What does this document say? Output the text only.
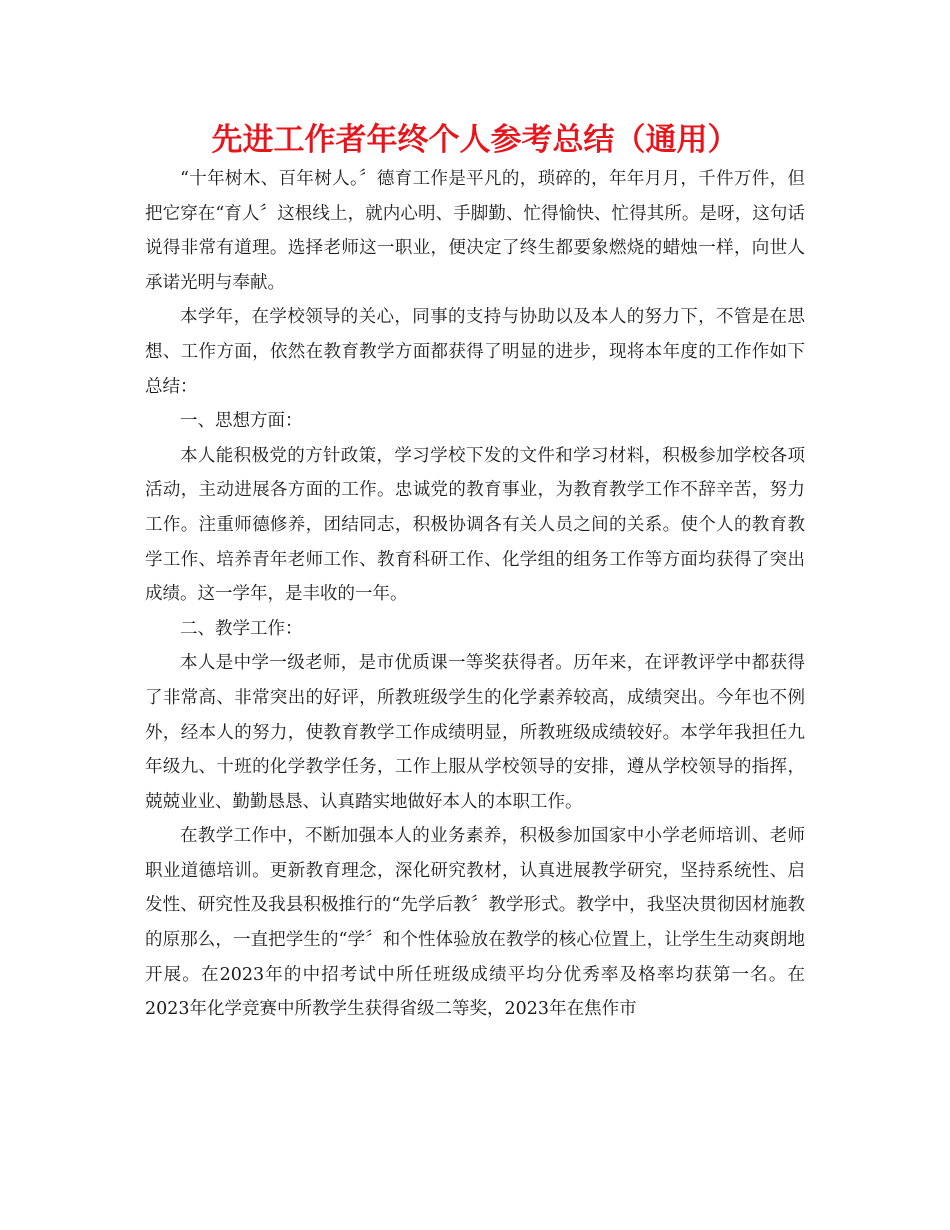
先进工作者年终个人参考总结（通用）

“十年树木、百年树人。〞德育工作是平凡的，琐碎的，年年月月，千件万件，但把它穿在“育人〞这根线上，就内心明、手脚勤、忙得愉快、忙得其所。是呀，这句话说得非常有道理。选择老师这一职业，便决定了终生都要象燃烧的蜡烛一样，向世人承诺光明与奉献。

本学年，在学校领导的关心，同事的支持与协助以及本人的努力下，不管是在思想、工作方面，依然在教育教学方面都获得了明显的进步，现将本年度的工作作如下总结：

一、思想方面：

本人能积极党的方针政策，学习学校下发的文件和学习材料，积极参加学校各项活动，主动进展各方面的工作。忠诚党的教育事业，为教育教学工作不辞辛苦，努力工作。注重师德修养，团结同志，积极协调各有关人员之间的关系。使个人的教育教学工作、培养青年老师工作、教育科研工作、化学组的组务工作等方面均获得了突出成绩。这一学年，是丰收的一年。

二、教学工作：

本人是中学一级老师，是市优质课一等奖获得者。历年来，在评教评学中都获得了非常高、非常突出的好评，所教班级学生的化学素养较高，成绩突出。今年也不例外，经本人的努力，使教育教学工作成绩明显，所教班级成绩较好。本学年我担任九年级九、十班的化学教学任务，工作上服从学校领导的安排，遵从学校领导的指挥，兢兢业业、勤勤恳恳、认真踏实地做好本人的本职工作。

在教学工作中，不断加强本人的业务素养，积极参加国家中小学老师培训、老师职业道德培训。更新教育理念，深化研究教材，认真进展教学研究，坚持系统性、启发性、研究性及我县积极推行的“先学后教〞教学形式。教学中，我坚决贯彻因材施教的原那么，一直把学生的“学〞和个性体验放在教学的核心位置上，让学生生动爽朗地开展。在2023年的中招考试中所任班级成绩平均分优秀率及格率均获第一名。在2023年化学竞赛中所教学生获得省级二等奖，2023年在焦作市
